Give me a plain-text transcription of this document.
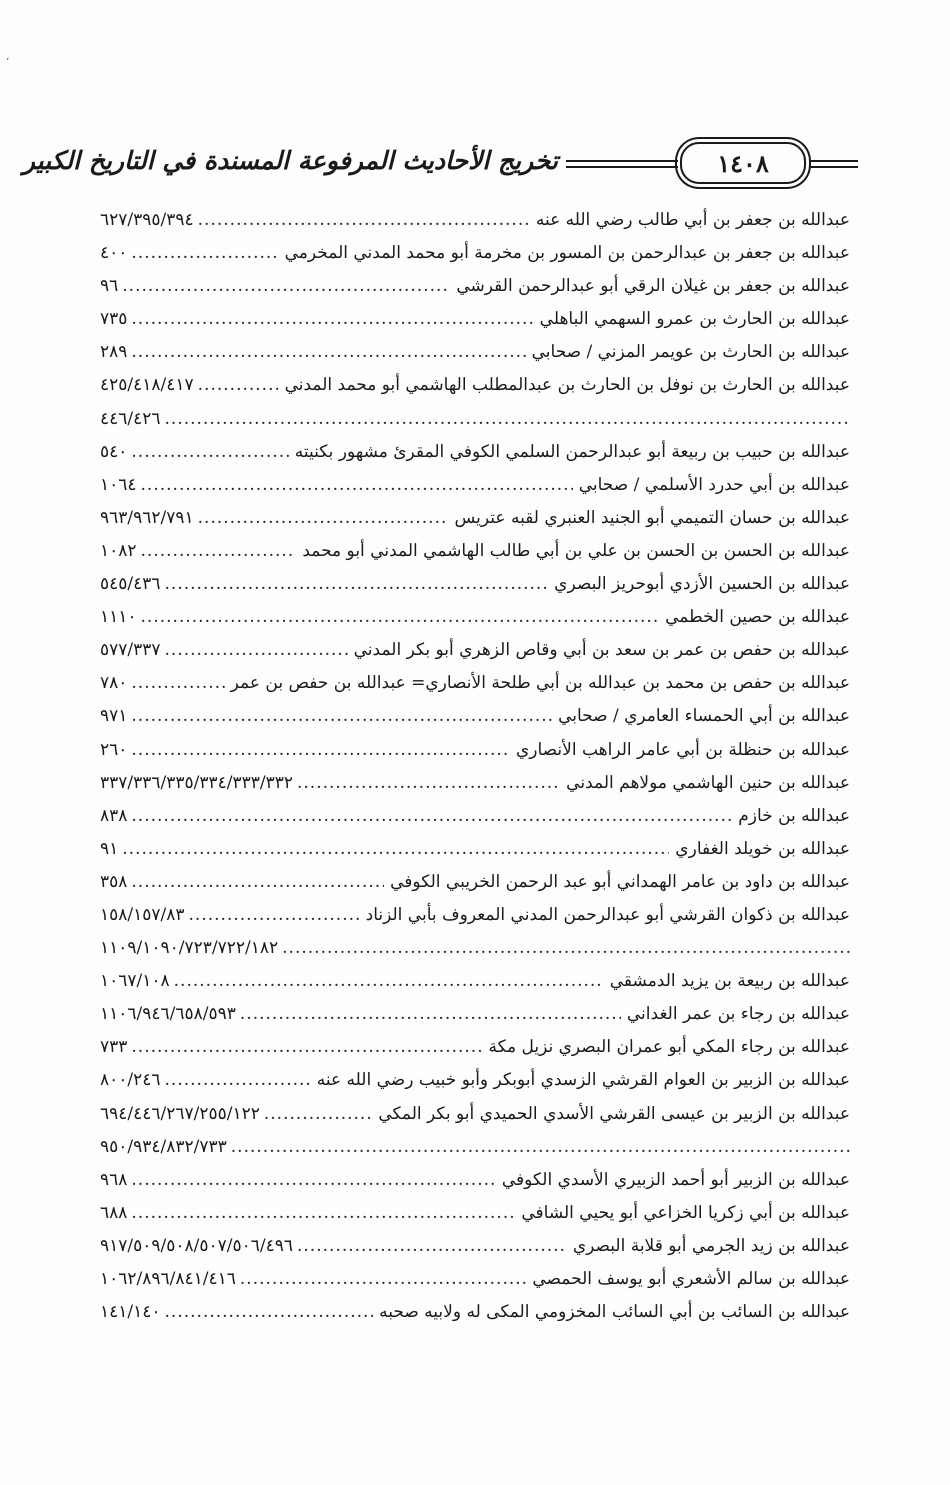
،
١٤٠٨
تخريج الأحاديث المرفوعة المسندة في التاريخ الكبير
عبدالله بن جعفر بن أبي طالب رضي الله عنه
.....
٦٢٧/٣٩٥/٣٩٤
عبدالله بن جعفر بن عبدالرحمن بن المسور بن مخرمة أبو محمد المدني المخرمي
.....
٤٠٠
عبدالله بن جعفر بن غيلان الرقي أبو عبدالرحمن القرشي
.....
٩٦
عبدالله بن الحارث بن عمرو السهمي الباهلي
.....
٧٣٥
عبدالله بن الحارث بن عويمر المزني / صحابي
.....
٢٨٩
عبدالله بن الحارث بن نوفل بن الحارث بن عبدالمطلب الهاشمي أبو محمد المدني
.....
٤٢٥/٤١٨/٤١٧
.....
٤٤٦/٤٢٦
عبدالله بن حبيب بن ربيعة أبو عبدالرحمن السلمي الكوفي المقرئ مشهور بكنيته
.....
٥٤٠
عبدالله بن أبي حدرد الأسلمي / صحابي
.....
١٠٦٤
عبدالله بن حسان التميمي أبو الجنيد العنبري لقبه عتريس
.....
٩٦٣/٩٦٢/٧٩١
عبدالله بن الحسن بن الحسن بن علي بن أبي طالب الهاشمي المدني أبو محمد
.....
١٠٨٢
عبدالله بن الحسين الأزدي أبوحريز البصري
.....
٥٤٥/٤٣٦
عبدالله بن حصين الخطمي
.....
١١١٠
عبدالله بن حفص بن عمر بن سعد بن أبي وقاص الزهري أبو بكر المدني
.....
٥٧٧/٣٣٧
عبدالله بن حفص بن محمد بن عبدالله بن أبي طلحة الأنصاري= عبدالله بن حفص بن عمر
.....
٧٨٠
عبدالله بن أبي الحمساء العامري / صحابي
.....
٩٧١
عبدالله بن حنظلة بن أبي عامر الراهب الأنصاري
.....
٢٦٠
عبدالله بن حنين الهاشمي مولاهم المدني
.....
٣٣٧/٣٣٦/٣٣٥/٣٣٤/٣٣٣/٣٣٢
عبدالله بن خازم
.....
٨٣٨
عبدالله بن خويلد الغفاري
.....
٩١
عبدالله بن داود بن عامر الهمداني أبو عبد الرحمن الخريبي الكوفي
.....
٣٥٨
عبدالله بن ذكوان القرشي أبو عبدالرحمن المدني المعروف بأبي الزناد
.....
١٥٨/١٥٧/٨٣
.....
١١٠٩/١٠٩٠/٧٢٣/٧٢٢/١٨٢
عبدالله بن ربيعة بن يزيد الدمشقي
.....
١٠٦٧/١٠٨
عبدالله بن رجاء بن عمر الغداني
.....
١١٠٦/٩٤٦/٦٥٨/٥٩٣
عبدالله بن رجاء المكي أبو عمران البصري نزيل مكة
.....
٧٣٣
عبدالله بن الزبير بن العوام القرشي الزسدي أبوبكر وأبو خبيب رضي الله عنه
.....
٨٠٠/٢٤٦
عبدالله بن الزبير بن عيسى القرشي الأسدي الحميدي أبو بكر المكي
.....
٦٩٤/٤٤٦/٢٦٧/٢٥٥/١٢٢
.....
٩٥٠/٩٣٤/٨٣٢/٧٣٣
عبدالله بن الزبير أبو أحمد الزبيري الأسدي الكوفي
.....
٩٦٨
عبدالله بن أبي زكريا الخزاعي أبو يحيي الشافي
.....
٦٨٨
عبدالله بن زيد الجرمي أبو قلابة البصري
.....
٩١٧/٥٠٩/٥٠٨/٥٠٧/٥٠٦/٤٩٦
عبدالله بن سالم الأشعري أبو يوسف الحمصي
.....
١٠٦٢/٨٩٦/٨٤١/٤١٦
عبدالله بن السائب بن أبي السائب المخزومي المكى له ولابيه صحبه
.....
١٤١/١٤٠
